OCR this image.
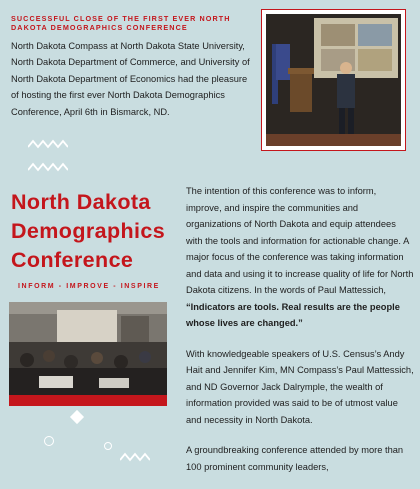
SUCCESSFUL CLOSE OF THE FIRST EVER NORTH DAKOTA DEMOGRAPHICS CONFERENCE
North Dakota Compass at North Dakota State University, North Dakota Department of Commerce, and University of North Dakota Department of Economics had the pleasure of hosting the first ever North Dakota Demographics Conference, April 6th in Bismarck, ND.
North Dakota
Demographics
Conference
INFORM - IMPROVE - INSPIRE

The intention of this conference was to inform, improve, and inspire the communities and organizations of North Dakota and equip attendees with the tools and information for actionable change. A major focus of the conference was taking information and data and using it to increase quality of life for North Dakota citizens. In the words of Paul Mattessich, “Indicators are tools. Real results are the people whose lives are changed.”

With knowledgeable speakers of U.S. Census’s Andy Hait and Jennifer Kim, MN Compass’s Paul Mattessich, and ND Governor Jack Dalrymple, the wealth of information provided was said to be of utmost value and necessity in North Dakota.

A groundbreaking conference attended by more than 100 prominent community leaders,
